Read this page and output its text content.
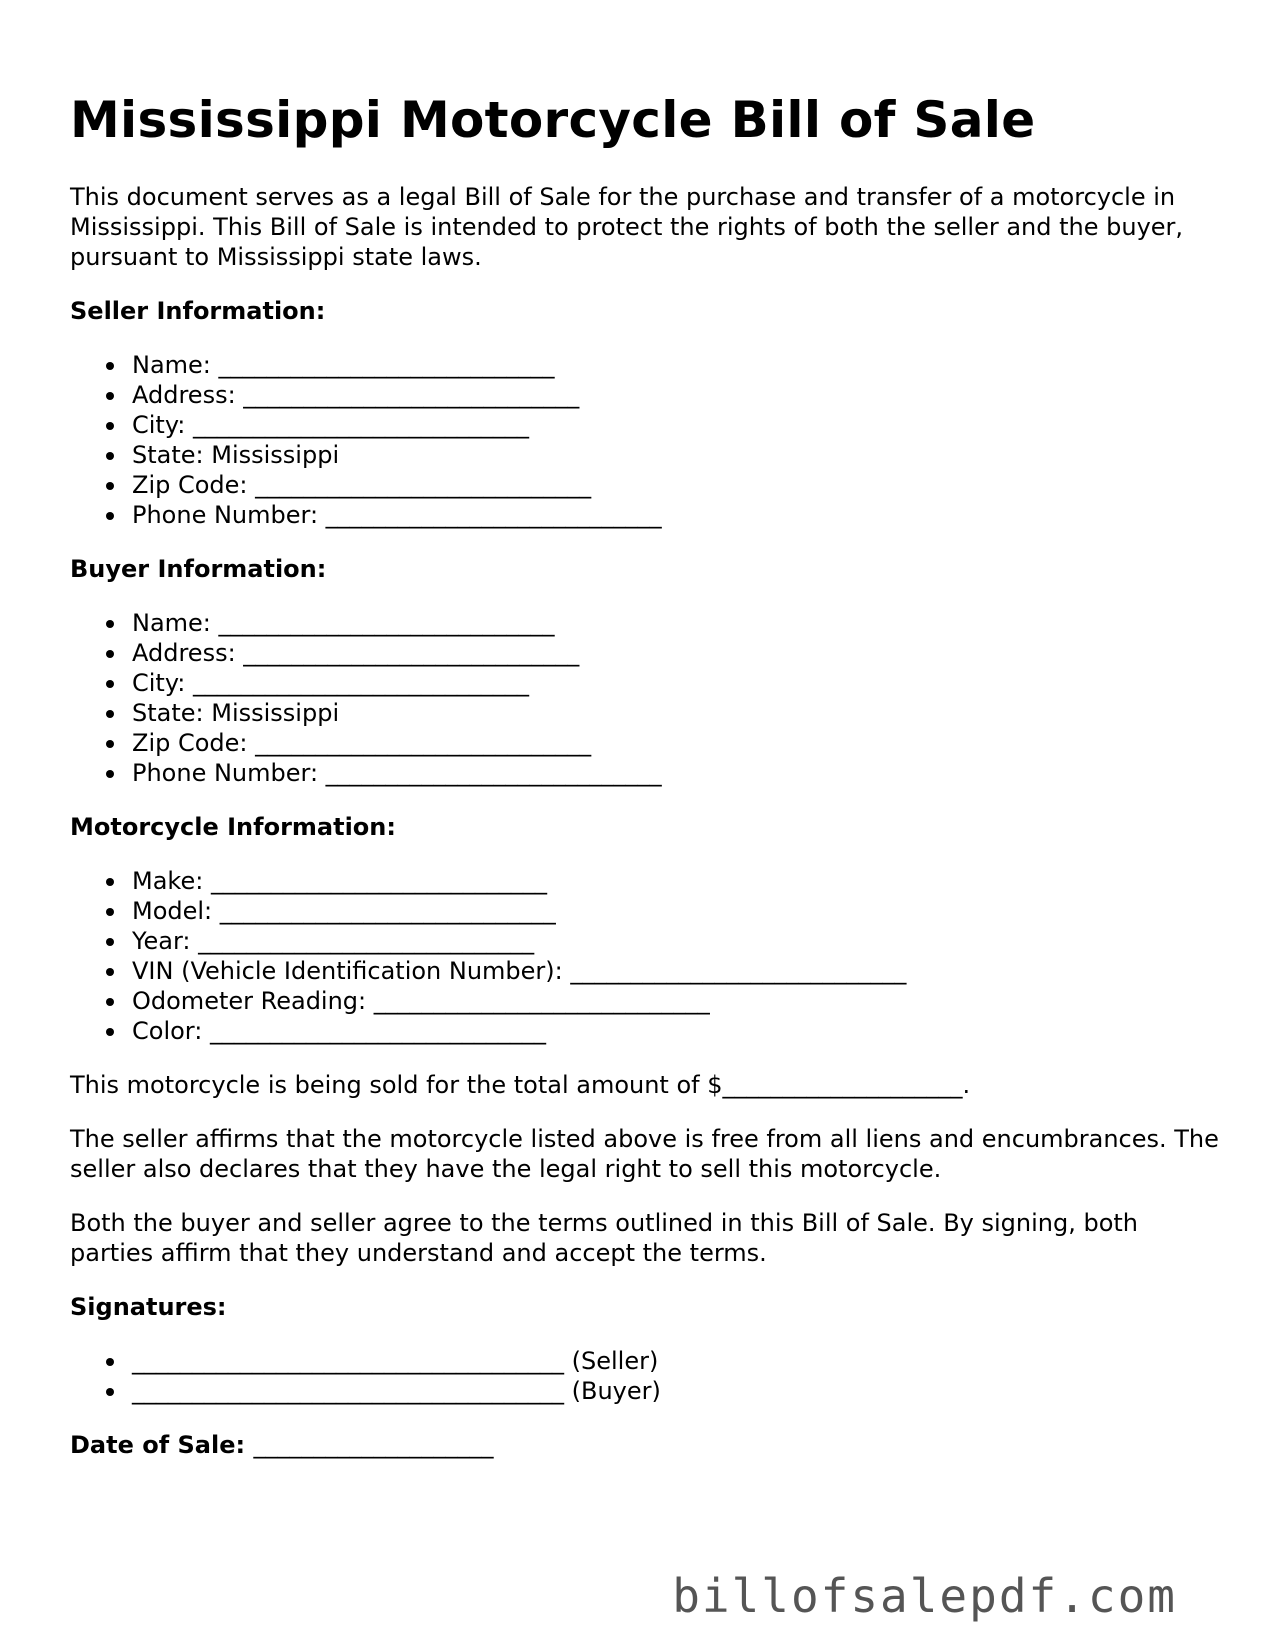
Mississippi Motorcycle Bill of Sale

This document serves as a legal Bill of Sale for the purchase and transfer of a motorcycle in Mississippi. This Bill of Sale is intended to protect the rights of both the seller and the buyer, pursuant to Mississippi state laws.

Seller Information:
Name: ____________________________
Address: ____________________________
City: ____________________________
State: Mississippi
Zip Code: ____________________________
Phone Number: ____________________________
Buyer Information:
Name: ____________________________
Address: ____________________________
City: ____________________________
State: Mississippi
Zip Code: ____________________________
Phone Number: ____________________________
Motorcycle Information:
Make: ____________________________
Model: ____________________________
Year: ____________________________
VIN (Vehicle Identification Number): ____________________________
Odometer Reading: ____________________________
Color: ____________________________

This motorcycle is being sold for the total amount of $____________________.

The seller affirms that the motorcycle listed above is free from all liens and encumbrances. The seller also declares that they have the legal right to sell this motorcycle.

Both the buyer and seller agree to the terms outlined in this Bill of Sale. By signing, both parties affirm that they understand and accept the terms.

Signatures:
____________________________________ (Seller)
____________________________________ (Buyer)
Date of Sale: ____________________
billofsalepdf.com
